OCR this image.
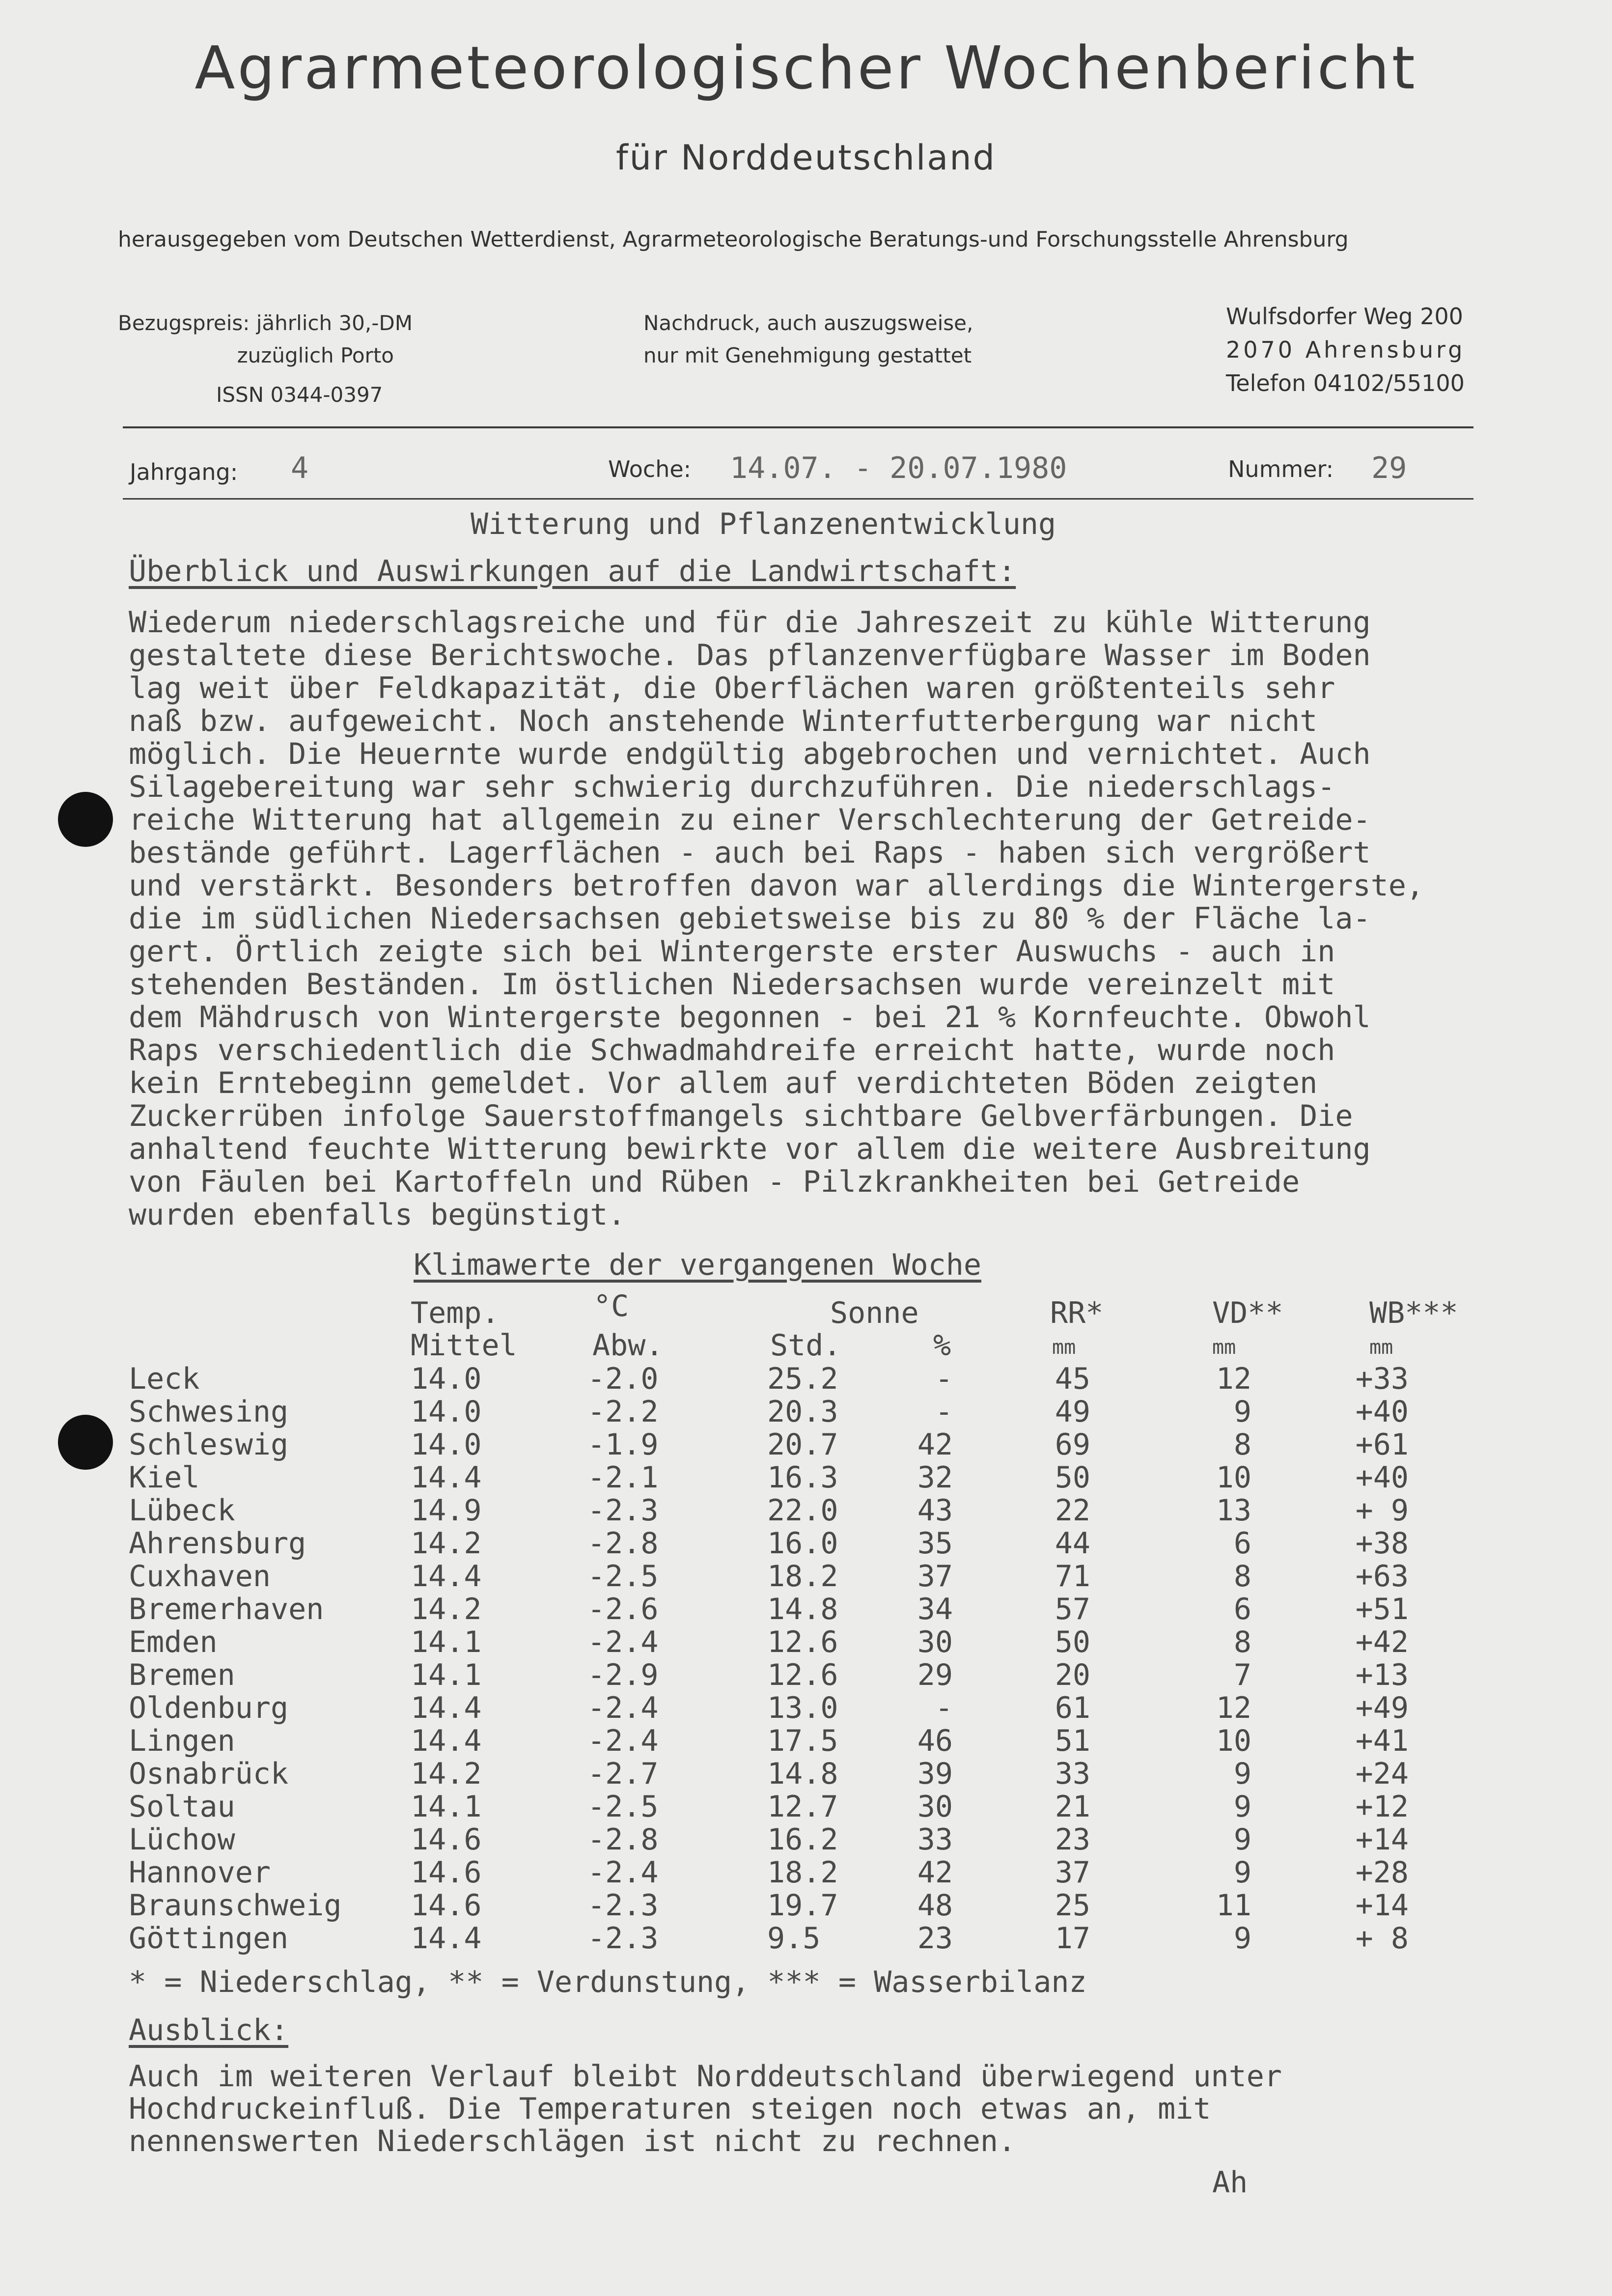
Agrarmeteorologischer Wochenbericht
für Norddeutschland
herausgegeben vom Deutschen Wetterdienst, Agrarmeteorologische Beratungs-und Forschungsstelle Ahrensburg
Bezugspreis: jährlich 30,-DM
zuzüglich Porto
ISSN 0344-0397
Nachdruck, auch auszugsweise,
nur mit Genehmigung gestattet
Wulfsdorfer Weg 200
2070 Ahrensburg
Telefon 04102/55100
Jahrgang: 4	Woche: 14.07. - 20.07.1980	Nummer: 29
Witterung und Pflanzenentwicklung
Überblick und Auswirkungen auf die Landwirtschaft:
Wiederum niederschlagsreiche und für die Jahreszeit zu kühle Witterung
gestaltete diese Berichtswoche. Das pflanzenverfügbare Wasser im Boden
lag weit über Feldkapazität, die Oberflächen waren größtenteils sehr
naß bzw. aufgeweicht. Noch anstehende Winterfutterbergung war nicht
möglich. Die Heuernte wurde endgültig abgebrochen und vernichtet. Auch
Silagebereitung war sehr schwierig durchzuführen. Die niederschlags-
reiche Witterung hat allgemein zu einer Verschlechterung der Getreide-
bestände geführt. Lagerflächen - auch bei Raps - haben sich vergrößert
und verstärkt. Besonders betroffen davon war allerdings die Wintergerste,
die im südlichen Niedersachsen gebietsweise bis zu 80 % der Fläche la-
gert. Örtlich zeigte sich bei Wintergerste erster Auswuchs - auch in
stehenden Beständen. Im östlichen Niedersachsen wurde vereinzelt mit
dem Mähdrusch von Wintergerste begonnen - bei 21 % Kornfeuchte. Obwohl
Raps verschiedentlich die Schwadmahdreife erreicht hatte, wurde noch
kein Erntebeginn gemeldet. Vor allem auf verdichteten Böden zeigten
Zuckerrüben infolge Sauerstoffmangels sichtbare Gelbverfärbungen. Die
anhaltend feuchte Witterung bewirkte vor allem die weitere Ausbreitung
von Fäulen bei Kartoffeln und Rüben - Pilzkrankheiten bei Getreide
wurden ebenfalls begünstigt.
Klimawerte der vergangenen Woche
Temp.	°C	Sonne	RR*	VD**	WB***
Mittel	Abw.	Std.	%	mm	mm	mm
Leck	14.0	-2.0	25.2	-	45	12	+33
Schwesing	14.0	-2.2	20.3	-	49	9	+40
Schleswig	14.0	-1.9	20.7	42	69	8	+61
Kiel	14.4	-2.1	16.3	32	50	10	+40
Lübeck	14.9	-2.3	22.0	43	22	13	+ 9
Ahrensburg	14.2	-2.8	16.0	35	44	6	+38
Cuxhaven	14.4	-2.5	18.2	37	71	8	+63
Bremerhaven	14.2	-2.6	14.8	34	57	6	+51
Emden	14.1	-2.4	12.6	30	50	8	+42
Bremen	14.1	-2.9	12.6	29	20	7	+13
Oldenburg	14.4	-2.4	13.0	-	61	12	+49
Lingen	14.4	-2.4	17.5	46	51	10	+41
Osnabrück	14.2	-2.7	14.8	39	33	9	+24
Soltau	14.1	-2.5	12.7	30	21	9	+12
Lüchow	14.6	-2.8	16.2	33	23	9	+14
Hannover	14.6	-2.4	18.2	42	37	9	+28
Braunschweig 14.6	-2.3	19.7	48	25	11	+14
Göttingen	14.4	-2.3	9.5	23	17	9	+ 8
* = Niederschlag, ** = Verdunstung, *** = Wasserbilanz
Ausblick:
Auch im weiteren Verlauf bleibt Norddeutschland überwiegend unter
Hochdruckeinfluß. Die Temperaturen steigen noch etwas an, mit
nennenswerten Niederschlägen ist nicht zu rechnen.
Ah
